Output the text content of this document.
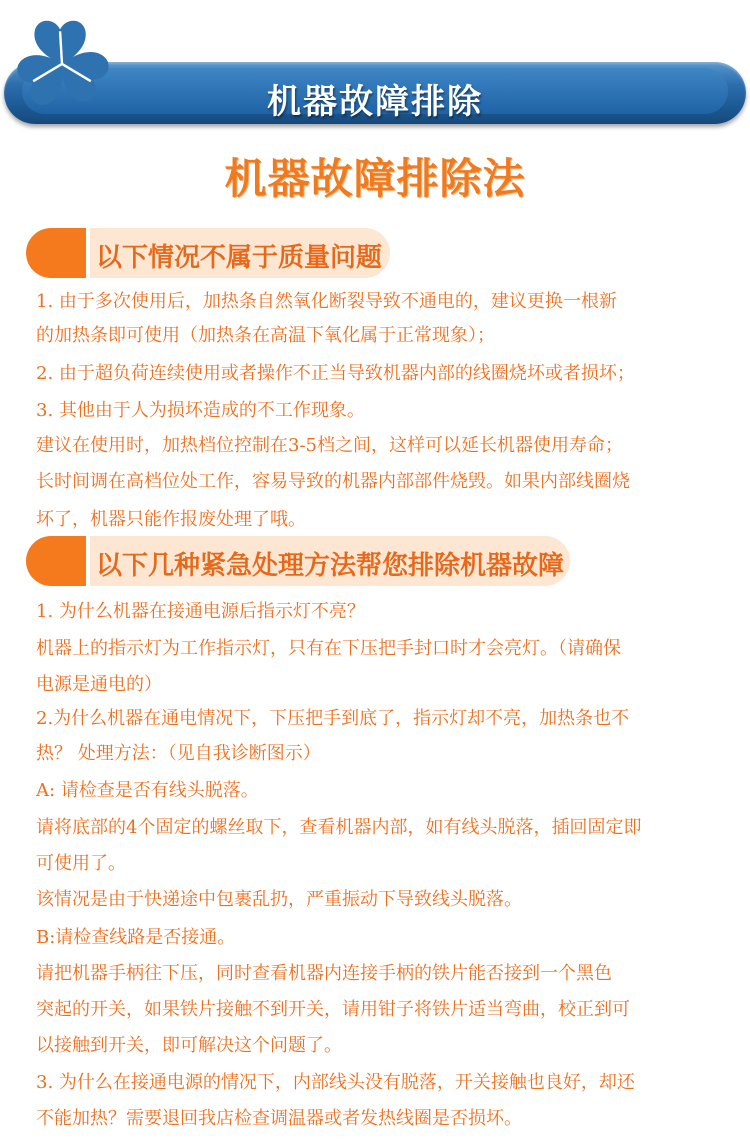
机器故障排除
机器故障排除法
以下情况不属于质量问题
1. 由于多次使用后，加热条自然氧化断裂导致不通电的，建议更换一根新
的加热条即可使用（加热条在高温下氧化属于正常现象）；
2. 由于超负荷连续使用或者操作不正当导致机器内部的线圈烧坏或者损坏；
3. 其他由于人为损坏造成的不工作现象。
建议在使用时，加热档位控制在3-5档之间，这样可以延长机器使用寿命；
长时间调在高档位处工作，容易导致的机器内部部件烧毁。如果内部线圈烧
坏了，机器只能作报废处理了哦。
以下几种紧急处理方法帮您排除机器故障
1. 为什么机器在接通电源后指示灯不亮？
机器上的指示灯为工作指示灯，只有在下压把手封口时才会亮灯。（请确保
电源是通电的）
2.为什么机器在通电情况下，下压把手到底了，指示灯却不亮，加热条也不
热？ 处理方法：（见自我诊断图示）
A: 请检查是否有线头脱落。
请将底部的4个固定的螺丝取下，查看机器内部，如有线头脱落，插回固定即
可使用了。
该情况是由于快递途中包裹乱扔，严重振动下导致线头脱落。
B:请检查线路是否接通。
请把机器手柄往下压，同时查看机器内连接手柄的铁片能否接到一个黑色
突起的开关，如果铁片接触不到开关，请用钳子将铁片适当弯曲，校正到可
以接触到开关，即可解决这个问题了。
3. 为什么在接通电源的情况下，内部线头没有脱落，开关接触也良好，却还
不能加热？需要退回我店检查调温器或者发热线圈是否损坏。
